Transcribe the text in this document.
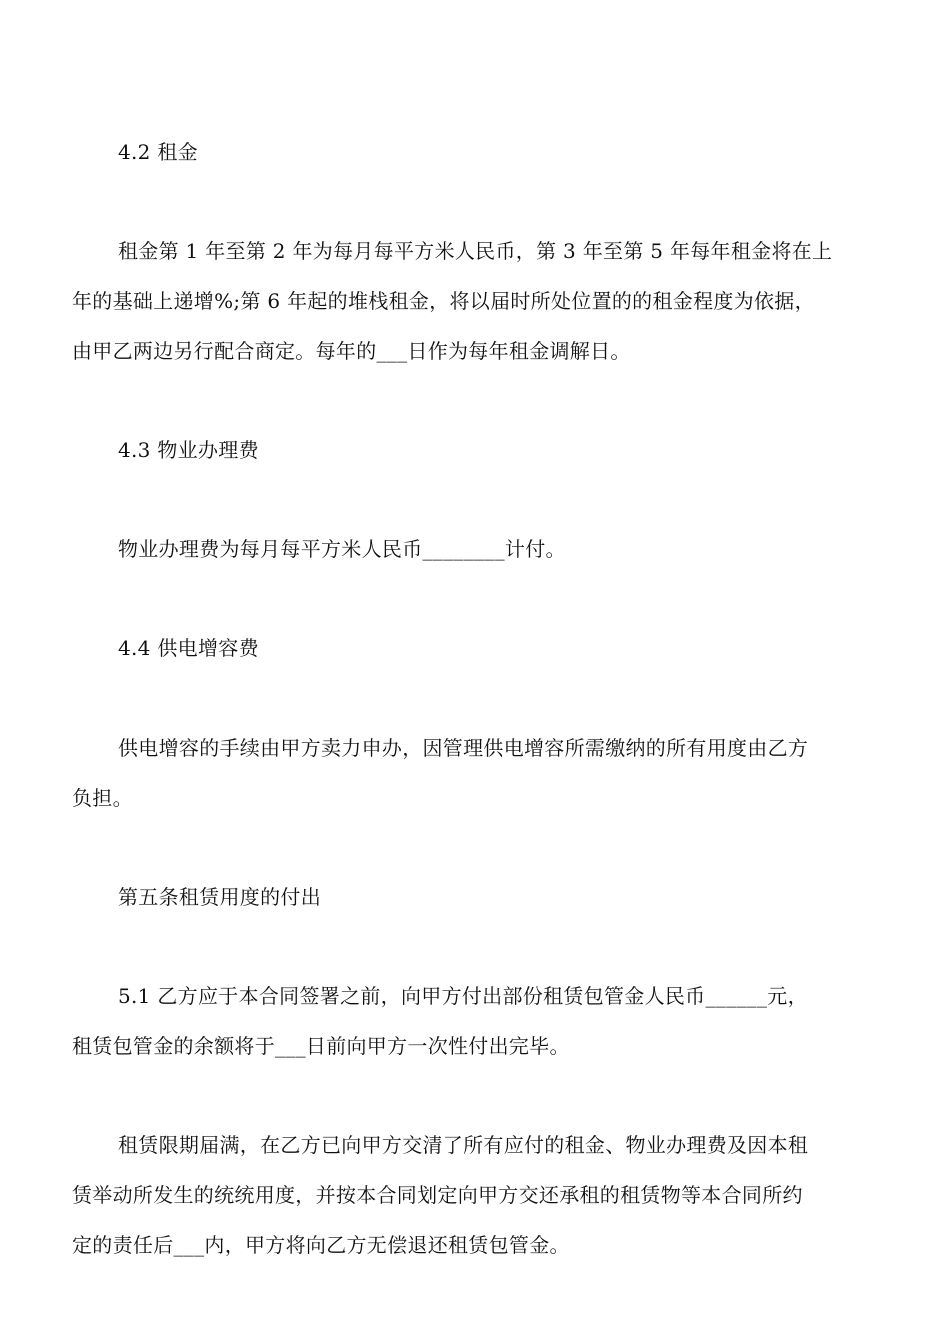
4.2 租金
租金第 1 年至第 2 年为每月每平方米人民币，第 3 年至第 5 年每年租金将在上
年的基础上递增%;第 6 年起的堆栈租金，将以届时所处位置的的租金程度为依据，
由甲乙两边另行配合商定。每年的___日作为每年租金调解日。
4.3 物业办理费
物业办理费为每月每平方米人民币________计付。
4.4 供电增容费
供电增容的手续由甲方卖力申办，因管理供电增容所需缴纳的所有用度由乙方
负担。
第五条租赁用度的付出
5.1 乙方应于本合同签署之前，向甲方付出部份租赁包管金人民币______元，
租赁包管金的余额将于___日前向甲方一次性付出完毕。
租赁限期届满，在乙方已向甲方交清了所有应付的租金、物业办理费及因本租
赁举动所发生的统统用度，并按本合同划定向甲方交还承租的租赁物等本合同所约
定的责任后___内，甲方将向乙方无偿退还租赁包管金。
